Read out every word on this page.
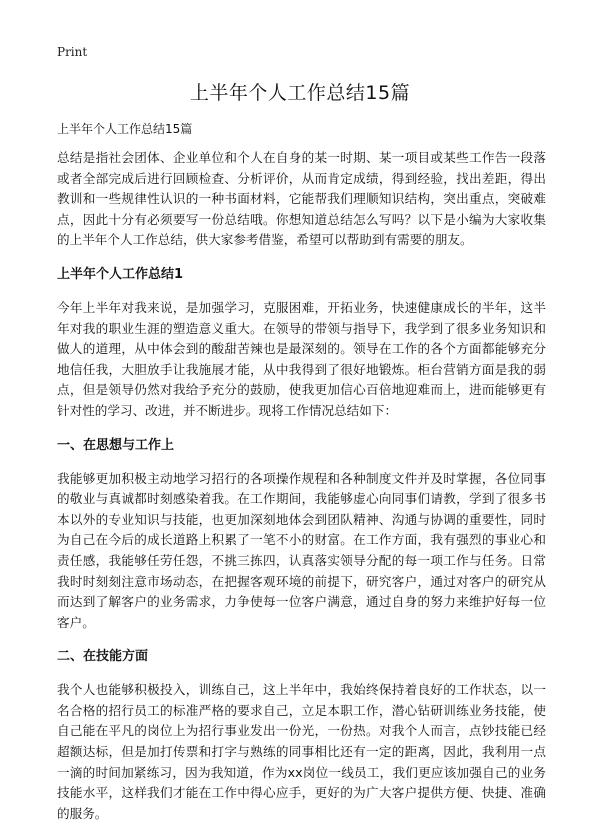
Print
上半年个人工作总结15篇

上半年个人工作总结15篇

总结是指社会团体、企业单位和个人在自身的某一时期、某一项目或某些工作告一段落或者全部完成后进行回顾检查、分析评价，从而肯定成绩，得到经验，找出差距，得出教训和一些规律性认识的一种书面材料，它能帮我们理顺知识结构，突出重点，突破难点，因此十分有必须要写一份总结哦。你想知道总结怎么写吗？以下是小编为大家收集的上半年个人工作总结，供大家参考借鉴，希望可以帮助到有需要的朋友。

上半年个人工作总结1

今年上半年对我来说，是加强学习，克服困难，开拓业务，快速健康成长的半年，这半年对我的职业生涯的塑造意义重大。在领导的带领与指导下，我学到了很多业务知识和做人的道理，从中体会到的酸甜苦辣也是最深刻的。领导在工作的各个方面都能够充分地信任我，大胆放手让我施展才能，从中我得到了很好地锻炼。柜台营销方面是我的弱点，但是领导仍然对我给予充分的鼓励，使我更加信心百倍地迎难而上，进而能够更有针对性的学习、改进，并不断进步。现将工作情况总结如下：

一、在思想与工作上

我能够更加积极主动地学习招行的各项操作规程和各种制度文件并及时掌握，各位同事的敬业与真诚都时刻感染着我。在工作期间，我能够虚心向同事们请教，学到了很多书本以外的专业知识与技能，也更加深刻地体会到团队精神、沟通与协调的重要性，同时为自己在今后的成长道路上积累了一笔不小的财富。在工作方面，我有强烈的事业心和责任感，我能够任劳任怨，不挑三拣四，认真落实领导分配的每一项工作与任务。日常我时时刻刻注意市场动态，在把握客观环境的前提下，研究客户，通过对客户的研究从而达到了解客户的业务需求，力争使每一位客户满意，通过自身的努力来维护好每一位客户。

二、在技能方面

我个人也能够积极投入，训练自己，这上半年中，我始终保持着良好的工作状态，以一名合格的招行员工的标准严格的要求自己，立足本职工作，潜心钻研训练业务技能，使自己能在平凡的岗位上为招行事业发出一份光，一份热。对我个人而言，点钞技能已经超额达标，但是加打传票和打字与熟练的同事相比还有一定的距离，因此，我利用一点一滴的时间加紧练习，因为我知道，作为xx岗位一线员工，我们更应该加强自己的业务技能水平，这样我们才能在工作中得心应手，更好的为广大客户提供方便、快捷、准确的服务。
